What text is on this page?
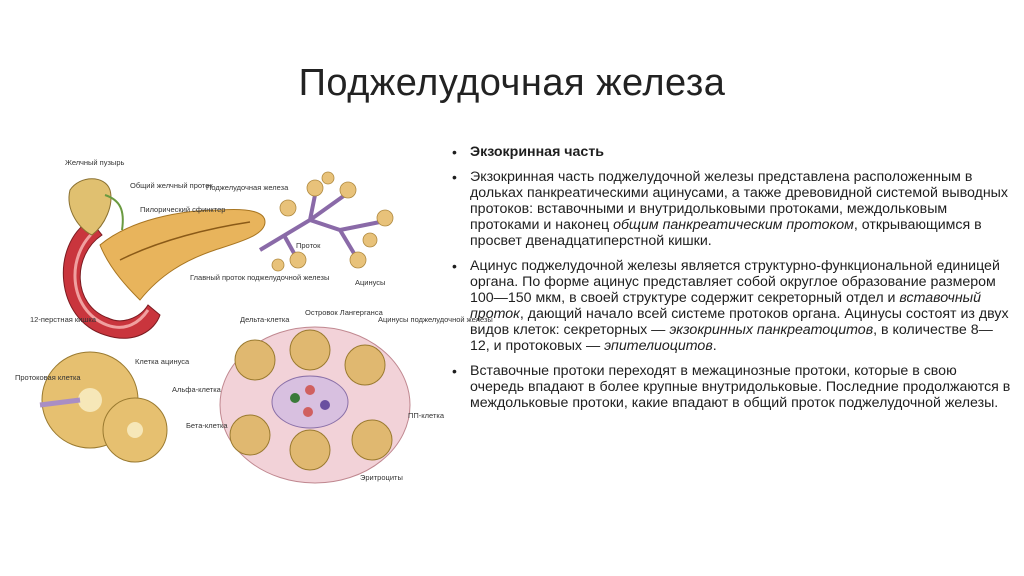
Поджелудочная железа
Желчный пузырь
Общий желчный проток
Пилорический сфинктер
Поджелудочная железа
Главный проток поджелудочной железы
12-перстная кишка
Проток
Ацинусы
Протоковая клетка
Клетка ацинуса
Дельта-клетка
Островок Лангерганса
Ацинусы поджелудочной железы
Альфа-клетка
Бета-клетка
ПП-клетка
Эритроциты
• Экзокринная часть
• Экзокринная часть поджелудочной железы представлена расположенным в дольках панкреатическими ацинусами, а также древовидной системой выводных протоков: вставочными и внутридольковыми протоками, междольковым протоками и наконец общим панкреатическим протоком, открывающимся в просвет двенадцатиперстной кишки.
• Ацинус поджелудочной железы является структурно-функциональной единицей органа. По форме ацинус представляет собой округлое образование размером 100—150 мкм, в своей структуре содержит секреторный отдел и вставочный проток, дающий начало всей системе протоков органа. Ацинусы состоят из двух видов клеток: секреторных — экзокринных панкреатоцитов, в количестве 8—12, и протоковых — эпителиоцитов.
• Вставочные протоки переходят в межацинозные протоки, которые в свою очередь впадают в более крупные внутридольковые. Последние продолжаются в междольковые протоки, какие впадают в общий проток поджелудочной железы.
